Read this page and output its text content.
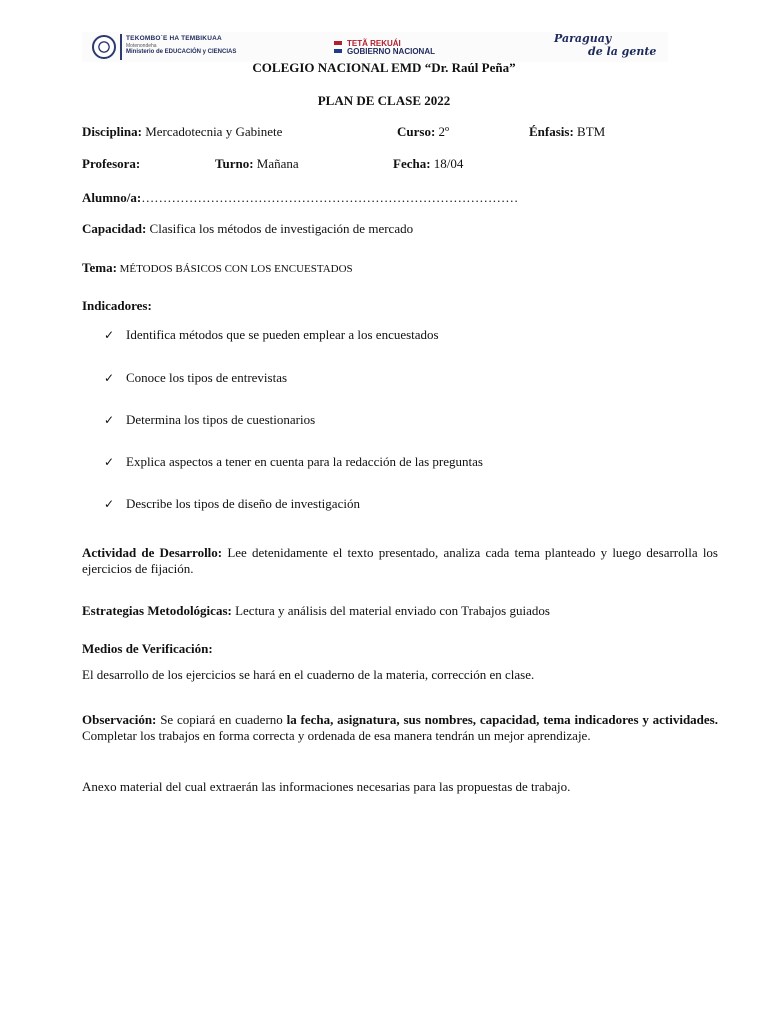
TEKOMBO´E HA TEMBIKUAA
Motenondeha
Ministerio de EDUCACIÓN y CIENCIAS
TETÃ REKUÁI
GOBIERNO NACIONAL
Paraguay
de la gente
COLEGIO NACIONAL EMD “Dr. Raúl Peña”
PLAN DE CLASE 2022
Disciplina: Mercadotecnia y Gabinete	Curso: 2º	Énfasis: BTM
Profesora:	Turno: Mañana	Fecha: 18/04
Alumno/a:……………………………………………………………………………
Capacidad: Clasifica los métodos de investigación de mercado
Tema: MÉTODOS BÁSICOS CON LOS ENCUESTADOS
Indicadores:
✓ Identifica métodos que se pueden emplear a los encuestados
✓ Conoce los tipos de entrevistas
✓ Determina los tipos de cuestionarios
✓ Explica aspectos a tener en cuenta para la redacción de las preguntas
✓ Describe los tipos de diseño de investigación
Actividad de Desarrollo: Lee detenidamente el texto presentado, analiza cada tema planteado y luego desarrolla los ejercicios de fijación.
Estrategias Metodológicas: Lectura y análisis del material enviado con Trabajos guiados
Medios de Verificación:
El desarrollo de los ejercicios se hará en el cuaderno de la materia, corrección en clase.
Observación: Se copiará en cuaderno la fecha, asignatura, sus nombres, capacidad, tema indicadores y actividades. Completar los trabajos en forma correcta y ordenada de esa manera tendrán un mejor aprendizaje.
Anexo material del cual extraerán las informaciones necesarias para las propuestas de trabajo.
